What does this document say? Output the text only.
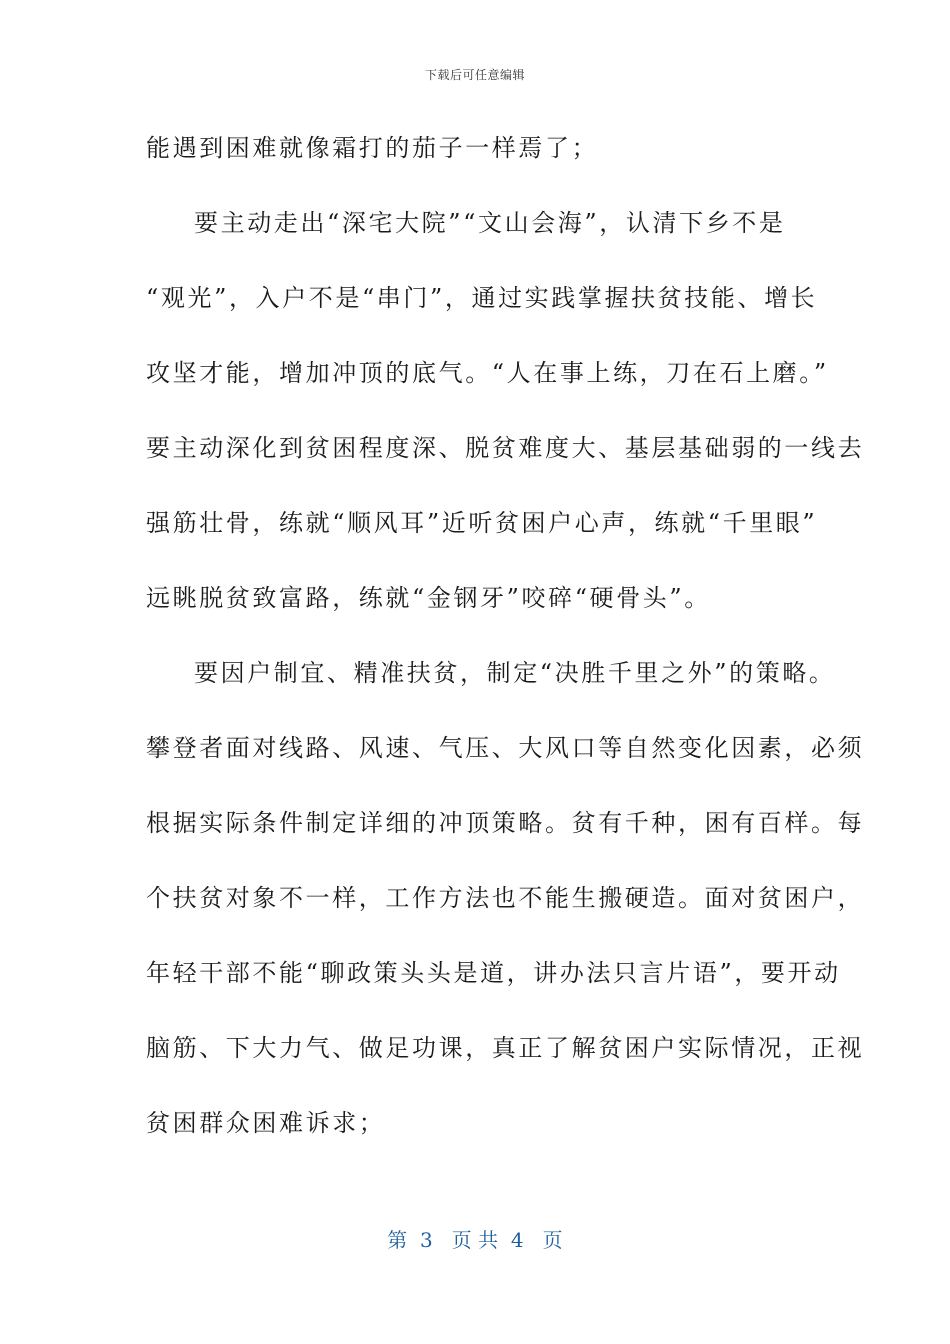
下载后可任意编辑
能遇到困难就像霜打的茄子一样焉了；
要主动走出“深宅大院”“文山会海”，认清下乡不是
“观光”，入户不是“串门”，通过实践掌握扶贫技能、增长
攻坚才能，增加冲顶的底气。“人在事上练，刀在石上磨。”
要主动深化到贫困程度深、脱贫难度大、基层基础弱的一线去
强筋壮骨，练就“顺风耳”近听贫困户心声，练就“千里眼”
远眺脱贫致富路，练就“金钢牙”咬碎“硬骨头”。
要因户制宜、精准扶贫，制定“决胜千里之外”的策略。
攀登者面对线路、风速、气压、大风口等自然变化因素，必须
根据实际条件制定详细的冲顶策略。贫有千种，困有百样。每
个扶贫对象不一样，工作方法也不能生搬硬造。面对贫困户，
年轻干部不能“聊政策头头是道，讲办法只言片语”，要开动
脑筋、下大力气、做足功课，真正了解贫困户实际情况，正视
贫困群众困难诉求；
第  3   页 共  4   页
